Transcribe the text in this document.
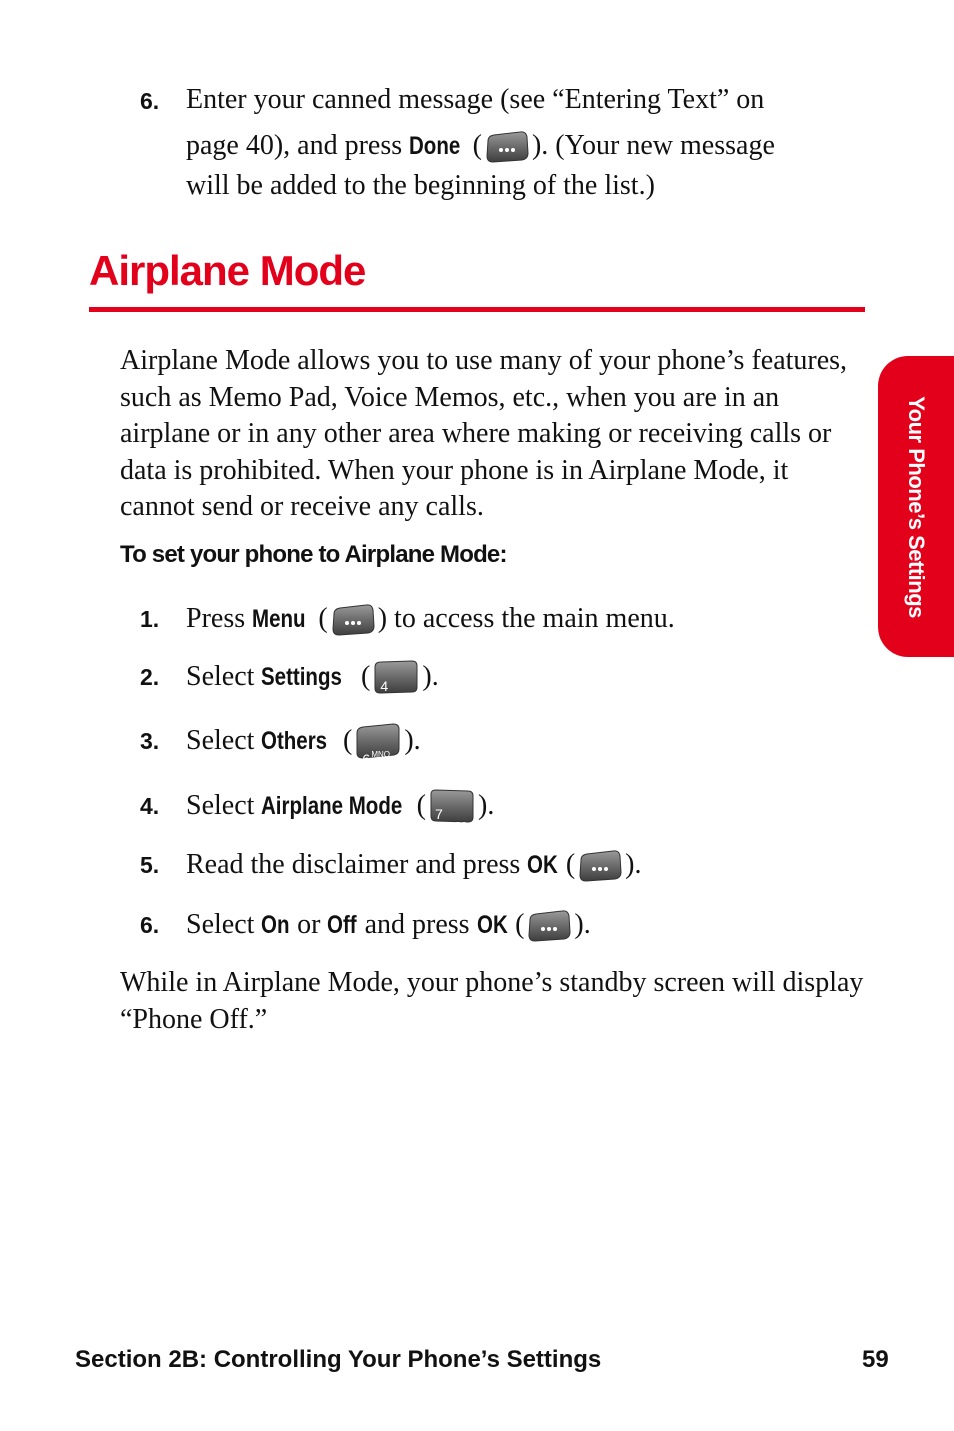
6. Enter your canned message (see “Entering Text” on
page 40), and press Done ( ). (Your new message
will be added to the beginning of the list.)
Airplane Mode
Airplane Mode allows you to use many of your phone’s features, such as Memo Pad, Voice Memos, etc., when you are in an airplane or in any other area where making or receiving calls or data is prohibited. When your phone is in Airplane Mode, it cannot send or receive any calls.
To set your phone to Airplane Mode:
1. Press Menu ( ) to access the main menu.
2. Select Settings ( 4
GHI
).
3. Select Others (
6 MNO ).
4. Select Airplane Mode ( 7
PQRS
).
5. Read the disclaimer and press OK ( ).
6. Select On or Off and press OK ( ).
While in Airplane Mode, your phone’s standby screen will display “Phone Off.”
Your Phone’s Settings
Section 2B: Controlling Your Phone’s Settings	59
